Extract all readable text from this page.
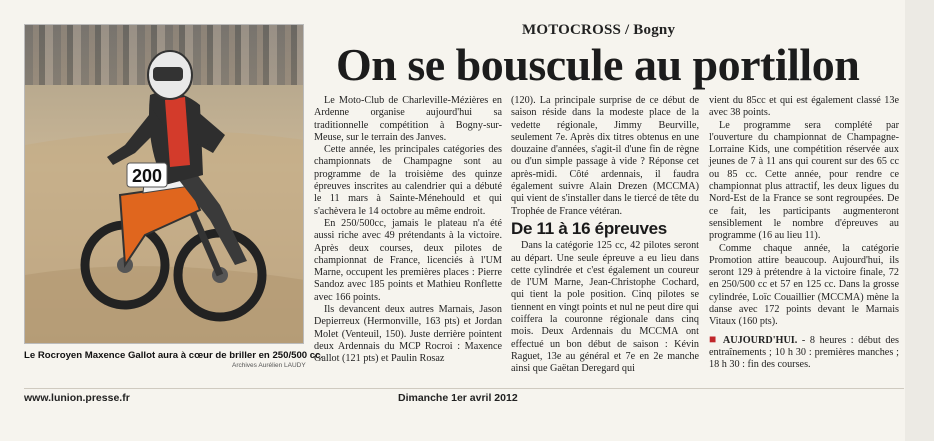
200
Le Rocroyen Maxence Gallot aura à cœur de briller en 250/500 cc.
Archives Aurélien LAUDY
MOTOCROSS / Bogny
On se bouscule au portillon

Le Moto-Club de Charleville-Mézières en Ardenne organise aujourd'hui sa traditionnelle compétition à Bogny-sur-Meuse, sur le terrain des Janves.

Cette année, les principales catégories des championnats de Champagne sont au programme de la troisième des quinze épreuves inscrites au calendrier qui a débuté le 11 mars à Sainte-Ménehould et qui s'achèvera le 14 octobre au même endroit.

En 250/500cc, jamais le plateau n'a été aussi riche avec 49 prétendants à la victoire. Après deux courses, deux pilotes de championnat de France, licenciés à l'UM Marne, occupent les premières places : Pierre Sandoz avec 185 points et Mathieu Ronflette avec 166 points.

Ils devancent deux autres Marnais, Jason Depierreux (Hermonville, 163 pts) et Jordan Molet (Venteuil, 150). Juste derrière pointent deux Ardennais du MCP Rocroi : Maxence Gallot (121 pts) et Paulin Rosaz

(120). La principale surprise de ce début de saison réside dans la modeste place de la vedette régionale, Jimmy Beurville, seulement 7e. Après dix titres obtenus en une douzaine d'années, s'agit-il d'une fin de règne ou d'un simple passage à vide ? Réponse cet après-midi. Côté ardennais, il faudra également suivre Alain Drezen (MCCMA) qui vient de s'installer dans le tiercé de tête du Trophée de France vétéran.

De 11 à 16 épreuves

Dans la catégorie 125 cc, 42 pilotes seront au départ. Une seule épreuve a eu lieu dans cette cylindrée et c'est également un coureur de l'UM Marne, Jean-Christophe Cochard, qui tient la pole position. Cinq pilotes se tiennent en vingt points et nul ne peut dire qui coiffera la couronne régionale dans cinq mois. Deux Ardennais du MCCMA ont effectué un bon début de saison : Kévin Raguet, 13e au général et 7e en 2e manche ainsi que Gaëtan Deregard qui

vient du 85cc et qui est également classé 13e avec 38 points.

Le programme sera complété par l'ouverture du championnat de Champagne-Lorraine Kids, une compétition réservée aux jeunes de 7 à 11 ans qui courent sur des 65 cc ou 85 cc. Cette année, pour rendre ce championnat plus attractif, les deux ligues du Nord-Est de la France se sont regroupées. De ce fait, les participants augmenteront sensiblement le nombre d'épreuves au programme (16 au lieu 11).

Comme chaque année, la catégorie Promotion attire beaucoup. Aujourd'hui, ils seront 129 à prétendre à la victoire finale, 72 en 250/500 cc et 57 en 125 cc. Dans la grosse cylindrée, Loïc Couaillier (MCCMA) mène la danse avec 172 points devant le Marnais Vitaux (160 pts).

■ AUJOURD'HUI. - 8 heures : début des entraînements ; 10 h 30 : premières manches ; 18 h 30 : fin des courses.

www.lunion.presse.fr	Dimanche 1er avril 2012
